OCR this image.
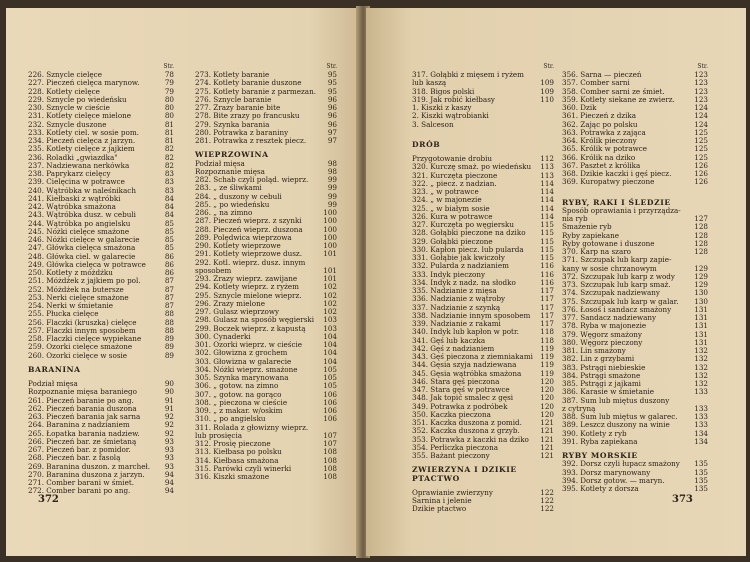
Str.
226. Sznycle cielęce	78
227. Pieczeń cielęca marynow.	79
228. Kotlety cielęce	79
229. Sznycle po wiedeńsku	80
230. Sznycle w cieście	80
231. Kotlety cielęce mielone	80
232. Sznycle duszone	81
233. Kotlety ciel. w sosie pom.	81
234. Pieczeń cielęca z jarzyn.	81
235. Kotlety cielęce z jajkiem	82
236. Roladki „gwiazdka"	82
237. Nadziewana nerkówka	82
238. Paprykarz cielęcy	83
239. Cielęcina w potrawce	83
240. Wątróbka w naleśnikach	83
241. Kiełbaski z wątróbki	84
242. Wątróbka smażona	84
243. Wątróbka dusz. w cebuli	84
244. Wątróbka po angielsku	85
245. Nóżki cielęce smażone	85
246. Nóżki cielęce w galarecie	85
247. Główka cielęca smażona	85
248. Główka ciel. w galarecie	86
249. Główka cielęca w potrawce	86
250. Kotlety z móżdżku	86
251. Móżdżek z jajkiem po pol.	87
252. Móżdżek na butersze	87
253. Nerki cielęce smażone	87
254. Nerki w śmietanie	87
255. Płucka cielęce	88
256. Flaczki (kruszka) cielęce	88
257. Flaczki innym sposobem	88
258. Flaczki cielęce wypiekane	89
259. Ozorki cielęce smażone	89
260. Ozorki cielęce w sosie	89
BARANINA
Podział mięsa	90
Rozpoznanie mięsa baraniego	90
261. Pieczeń baranie po ang.	91
262. Pieczeń barania duszona	91
263. Pieczeń barania jak sarna	92
264. Baranina z nadzianiem	92
265. Łopatka barania nadziew.	92
266. Pieczeń bar. ze śmietaną	93
267. Pieczeń bar. z pomidor.	93
268. Pieczeń bar. z fasolą	93
269. Baranina duszon. z marcheł.	93
270. Baranina duszona z jarzyn.	94
271. Comber barani w śmiet.	94
272. Comber barani po ang.	94
Str.
273. Kotlety baranie	95
274. Kotlety baranie duszone	95
275. Kotlety baranie z parmezan.	95
276. Sznycle baranie	96
277. Zrazy baranie bite	96
278. Bite zrazy po francusku	96
279. Szynka barania	96
280. Potrawka z baraniny	97
281. Potrawka z resztek piecz.	97
WIEPRZOWINA
Podział mięsa	98
Rozpoznanie mięsa	98
282. Schab czyli poląd. wieprz.	99
283. „ ze śliwkami	99
284. „ duszony w cebuli	99
285. „ po wiedeńsku	99
286. „ na zimno	100
287. Pieczeń wieprz. z szynki	100
288. Pieczeń wieprz. duszona	100
289. Polędwica wieprzowa	100
290. Kotlety wieprzowe	100
291. Kotlety wieprzowe dusz.	101
292. Kotl. wieprz. dusz. innym
sposobem	101
293. Zrazy wieprz. zawijane	101
294. Kotlety wieprz. z ryżem	102
295. Sznycle mielone wieprz.	102
296. Zrazy mielone	102
297. Gulasz wieprzowy	102
298. Gulasz na sposób węgierski	103
299. Boczek wieprz. z kapustą	103
300. Cynaderki	104
301. Ozorki wieprz. w cieście	104
302. Głowizna z grochem	104
303. Głowizna w galarecie	104
304. Nóżki wieprz. smażone	105
305. Szynka marynowana	105
306. „ gotow. na zimno	105
307. „ gotow. na gorąco	106
308. „ pieczona w cieście	106
309. „ z makar. w/oskim	106
310. „ po angielsku	106
311. Rolada z głowizny wieprz.
lub prosięcia	107
312. Prosię pieczone	107
313. Kiełbasa po polsku	108
314. Kiełbasa smażona	108
315. Parówki czyli winerki	108
316. Kiszki smażone	108
372
Str.
317. Gołąbki z mięsem i ryżem
lub kaszą	109
318. Bigos polski	109
319. Jak robić kiełbasy	110
1. Kiszki z kaszy
2. Kiszki wątrobianki
3. Salceson
DRÓB
Przygotowanie drobiu	112
320. Kurczę smaż. po wiedeńsku	113
321. Kurczęta pieczone	113
322. „ piecz. z nadzian.	114
323. „ w potrawce	114
324. „ w majonezie	114
325. „ w białym sosie	114
326. Kura w potrawce	114
327. Kurczęta po węgiersku	115
328. Gołąbki pieczone na dziko	115
329. Gołąbki pieczone	115
330. Kapłon piecz. lub pularda	115
331. Gołąbie jak kwiczoły	115
332. Pularda z nadzianiem	116
333. Indyk pieczony	116
334. Indyk z nadz. na słodko	116
335. Nadzianie z mięsa	117
336. Nadzianie z wątroby	117
337. Nadzianie z szynką	117
338. Nadzianie innym sposobem	117
339. Nadzianie z rakami	117
340. Indyk lub kapłon w potr.	118
341. Gęś lub kaczka	118
342. Gęś z nadzianiem	119
343. Gęś pieczona z ziemniakami	119
344. Gęsia szyja nadziewana	119
345. Gęsia wątróbka smażona	119
346. Stara gęś pieczona	120
347. Stara gęś w potrawce	120
348. Jak topić smalec z gęsi	120
349. Potrawka z podróbek	120
350. Kaczka pieczona	120
351. Kaczka duszona z pomid.	121
352. Kaczka duszona z grzyb.	121
353. Potrawka z kaczki na dziko	121
354. Perliczka pieczona	121
355. Bażant pieczony	121
ZWIERZYNA I DZIKIE PTACTWO
Oprawianie zwierzyny	122
Sarnina i jelenie	122
Dzikie ptactwo	122
Str.
356. Sarna — pieczeń	123
357. Comber sarni	123
358. Comber sarni ze śmiet.	123
359. Kotlety siekane ze zwierz.	123
360. Dzik	124
361. Pieczeń z dzika	124
362. Zając po polsku	124
363. Potrawka z zająca	125
364. Królik pieczony	125
365. Królik w potrawce	125
366. Królik na dziko	125
367. Pasztet z królika	126
368. Dzikie kaczki i gęś piecz.	126
369. Kuropatwy pieczone	126
RYBY, RAKI I ŚLEDZIE
Sposób oprawiania i przyrządza-
nia ryb	127
Smażenie ryb	128
Ryby zapiekane	128
Ryby gotowane i duszone	128
370. Karp na szaro	128
371. Szczupak lub karp zapie-
kany w sosie chrzanowym	129
372. Szczupak lub karp z wody	129
373. Szczupak lub karp smaż.	129
374. Szczupak nadziewany	130
375. Szczupak lub karp w galar.	130
376. Łosoś i sandacz smażony	131
377. Sandacz nadziewany	131
378. Ryba w majonezie	131
379. Węgorz smażony	131
380. Węgorz pieczony	131
381. Lin smażony	132
382. Lin z grzybami	132
383. Pstrągi niebieskie	132
384. Pstrągi smażone	132
385. Pstrągi z jajkami	132
386. Karasie w śmietanie	133
387. Sum lub miętus duszony
z cytryną	133
388. Sum lub miętus w galarec.	133
389. Leszcz duszony na winie	133
390. Kotlety z ryb	134
391. Ryba zapiekana	134
RYBY MORSKIE
392. Dorsz czyli łupacz smażony	135
393. Dorsz marynowany	135
394. Dorsz gotow. — maryn.	135
395. Kotlety z dorsza	135
373
